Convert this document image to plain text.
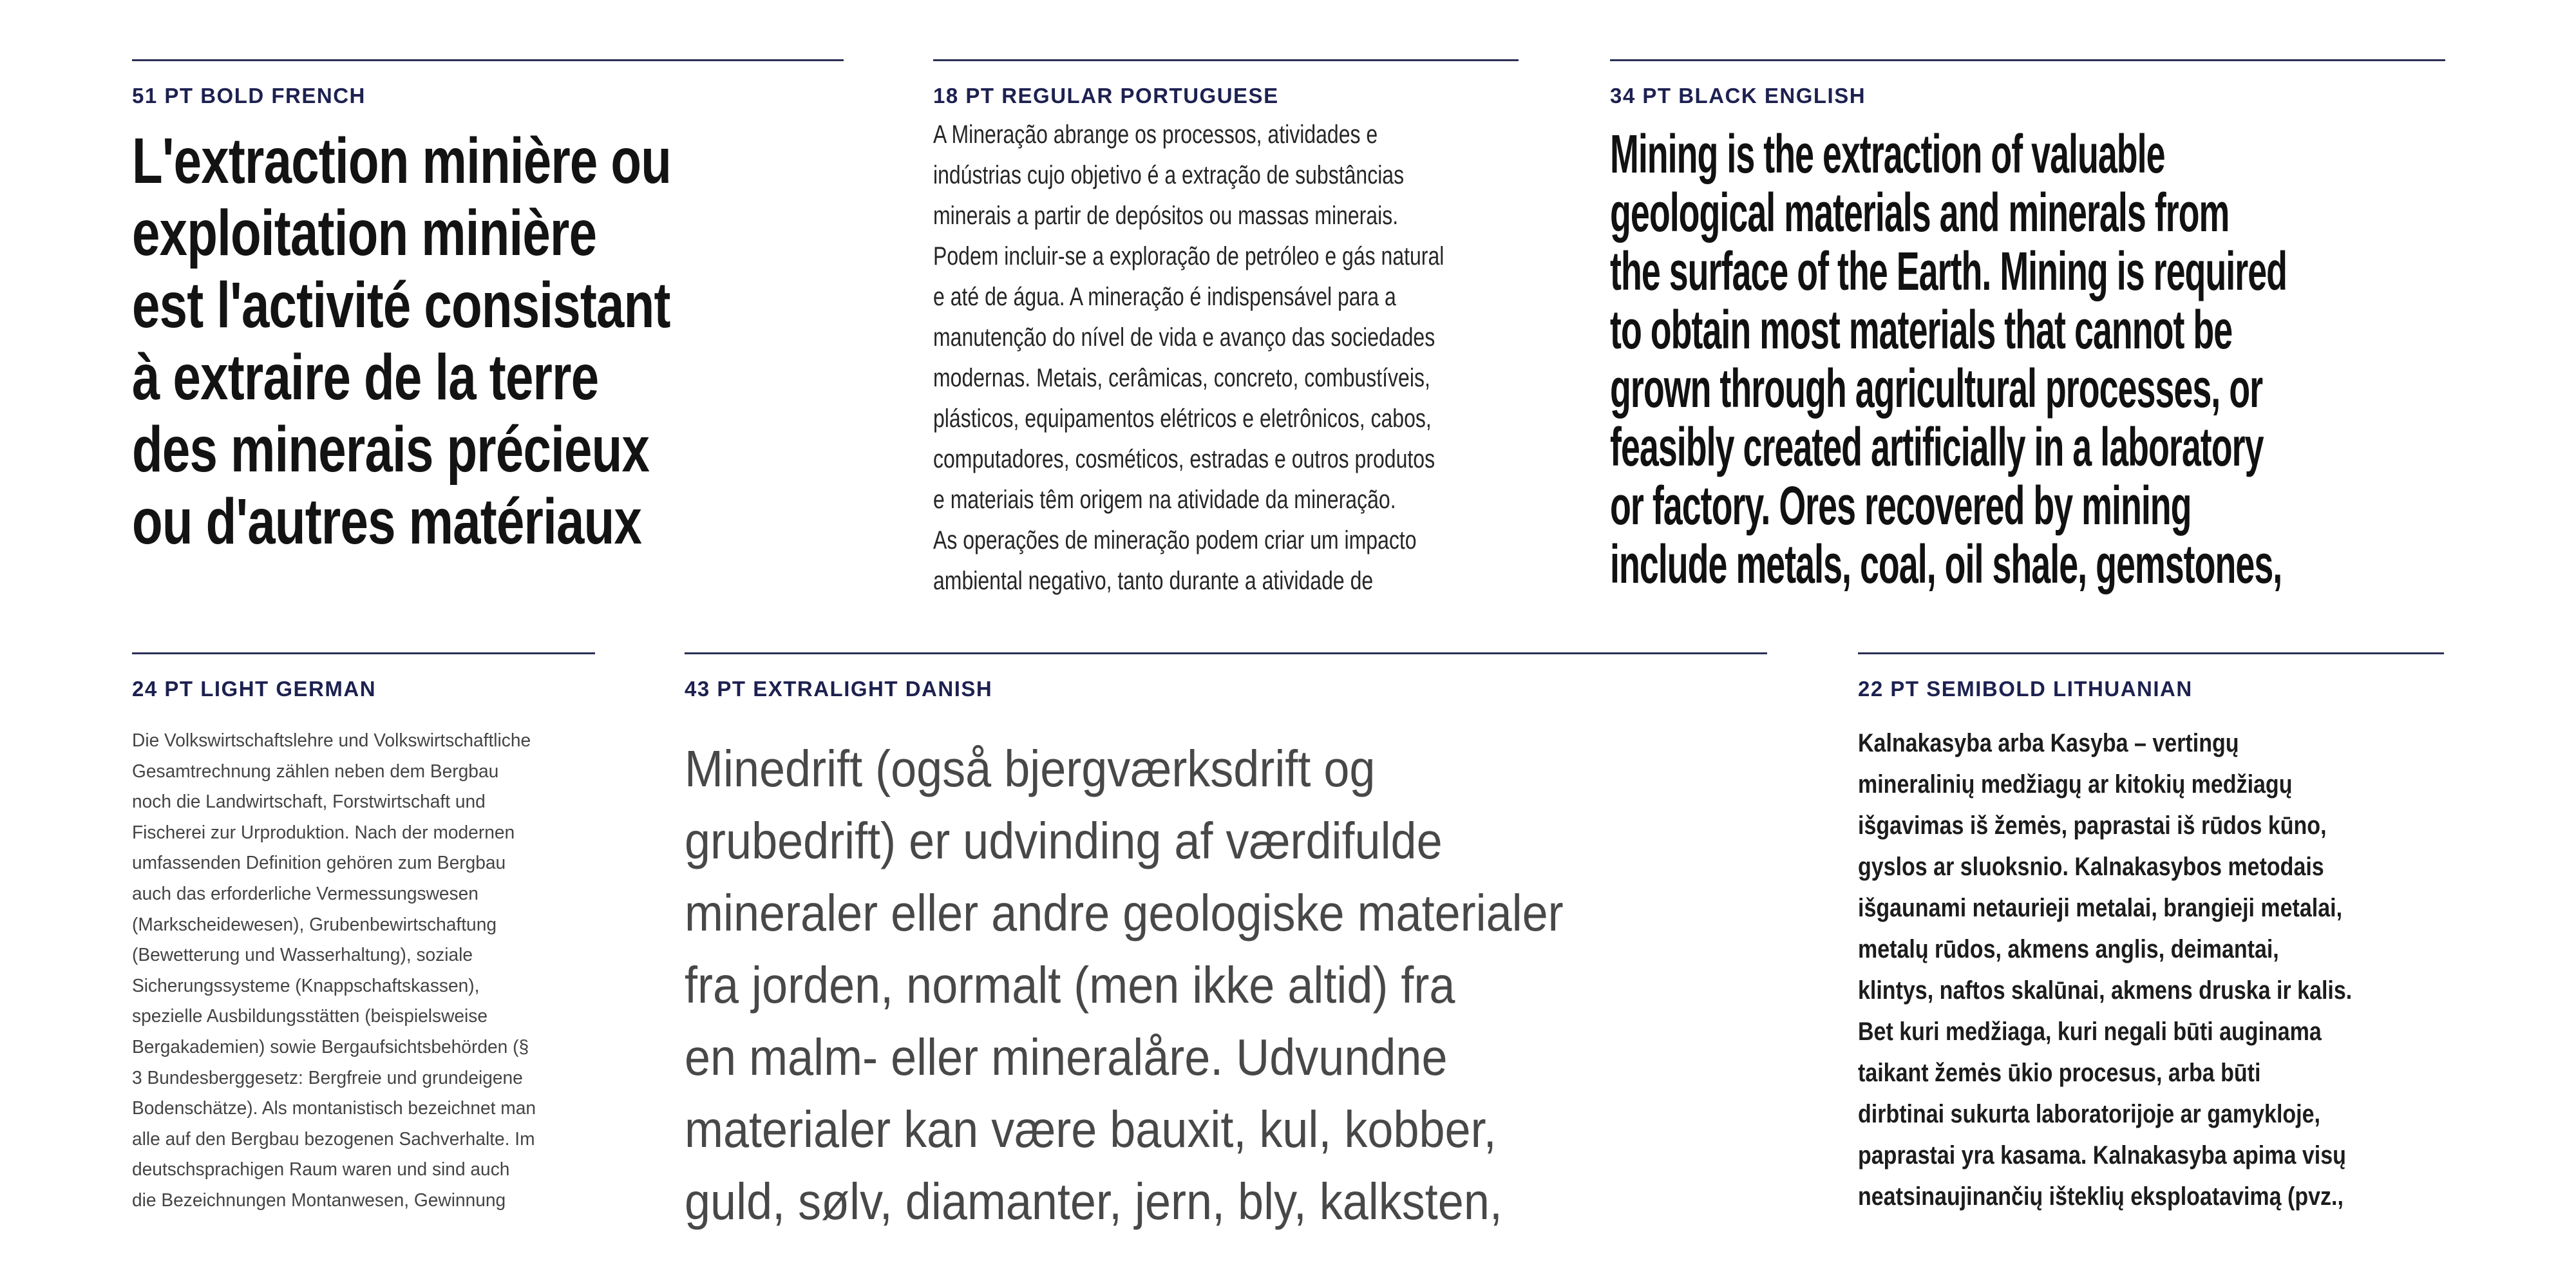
51 PT BOLD FRENCH
L'extraction minière ou
exploitation minière
est l'activité consistant
à extraire de la terre
des minerais précieux
ou d'autres matériaux
18 PT REGULAR PORTUGUESE
A Mineração abrange os processos, atividades e
indústrias cujo objetivo é a extração de substâncias
minerais a partir de depósitos ou massas minerais.
Podem incluir-se a exploração de petróleo e gás natural
e até de água. A mineração é indispensável para a
manutenção do nível de vida e avanço das sociedades
modernas. Metais, cerâmicas, concreto, combustíveis,
plásticos, equipamentos elétricos e eletrônicos, cabos,
computadores, cosméticos, estradas e outros produtos
e materiais têm origem na atividade da mineração.
As operações de mineração podem criar um impacto
ambiental negativo, tanto durante a atividade de
34 PT BLACK ENGLISH
Mining is the extraction of valuable
geological materials and minerals from
the surface of the Earth. Mining is required
to obtain most materials that cannot be
grown through agricultural processes, or
feasibly created artificially in a laboratory
or factory. Ores recovered by mining
include metals, coal, oil shale, gemstones,
24 PT LIGHT GERMAN
Die Volkswirtschaftslehre und Volkswirtschaftliche
Gesamtrechnung zählen neben dem Bergbau
noch die Landwirtschaft, Forstwirtschaft und
Fischerei zur Urproduktion. Nach der modernen
umfassenden Definition gehören zum Bergbau
auch das erforderliche Vermessungswesen
(Markscheidewesen), Grubenbewirtschaftung
(Bewetterung und Wasserhaltung), soziale
Sicherungssysteme (Knappschaftskassen),
spezielle Ausbildungsstätten (beispielsweise
Bergakademien) sowie Bergaufsichtsbehörden (§
3 Bundesberggesetz: Bergfreie und grundeigene
Bodenschätze). Als montanistisch bezeichnet man
alle auf den Bergbau bezogenen Sachverhalte. Im
deutschsprachigen Raum waren und sind auch
die Bezeichnungen Montanwesen, Gewinnung
43 PT EXTRALIGHT DANISH
Minedrift (også bjergværksdrift og
grubedrift) er udvinding af værdifulde
mineraler eller andre geologiske materialer
fra jorden, normalt (men ikke altid) fra
en malm- eller mineralåre. Udvundne
materialer kan være bauxit, kul, kobber,
guld, sølv, diamanter, jern, bly, kalksten,
22 PT SEMIBOLD LITHUANIAN
Kalnakasyba arba Kasyba – vertingų
mineralinių medžiagų ar kitokių medžiagų
išgavimas iš žemės, paprastai iš rūdos kūno,
gyslos ar sluoksnio. Kalnakasybos metodais
išgaunami netaurieji metalai, brangieji metalai,
metalų rūdos, akmens anglis, deimantai,
klintys, naftos skalūnai, akmens druska ir kalis.
Bet kuri medžiaga, kuri negali būti auginama
taikant žemės ūkio procesus, arba būti
dirbtinai sukurta laboratorijoje ar gamykloje,
paprastai yra kasama. Kalnakasyba apima visų
neatsinaujinančių išteklių eksploatavimą (pvz.,
